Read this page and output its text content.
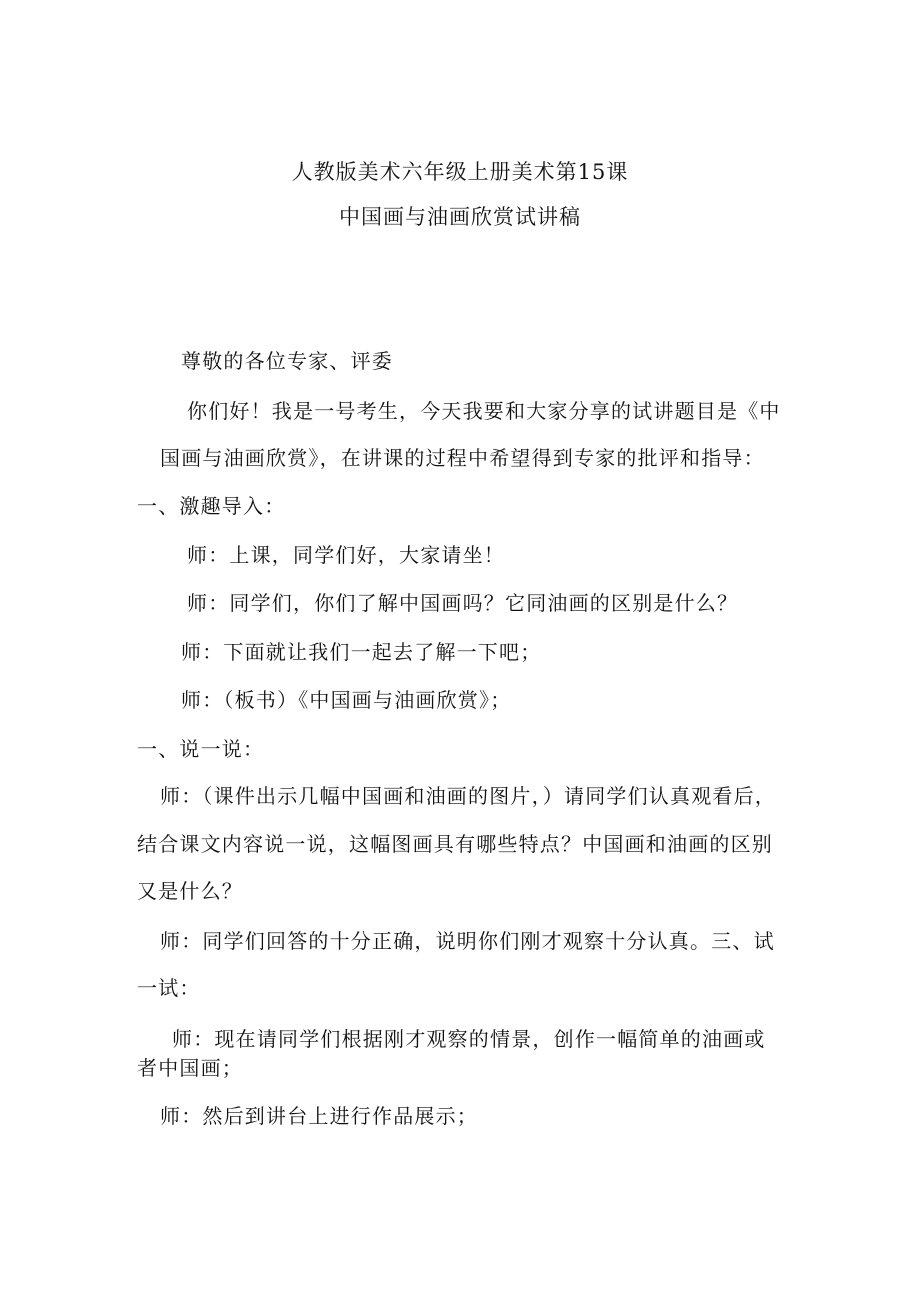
人教版美术六年级上册美术第15课
中国画与油画欣赏试讲稿
尊敬的各位专家、评委
你们好！我是一号考生，今天我要和大家分享的试讲题目是《中
国画与油画欣赏》，在讲课的过程中希望得到专家的批评和指导：
一、激趣导入：
师：上课，同学们好，大家请坐！
师：同学们，你们了解中国画吗？它同油画的区别是什么？
师：下面就让我们一起去了解一下吧；
师：（板书）《中国画与油画欣赏》；
一、说一说：
师：（课件出示几幅中国画和油画的图片，）请同学们认真观看后，
结合课文内容说一说，这幅图画具有哪些特点？中国画和油画的区别
又是什么？
师：同学们回答的十分正确，说明你们刚才观察十分认真。三、试
一试：
师：现在请同学们根据刚才观察的情景，创作一幅简单的油画或
者中国画；
师：然后到讲台上进行作品展示；
